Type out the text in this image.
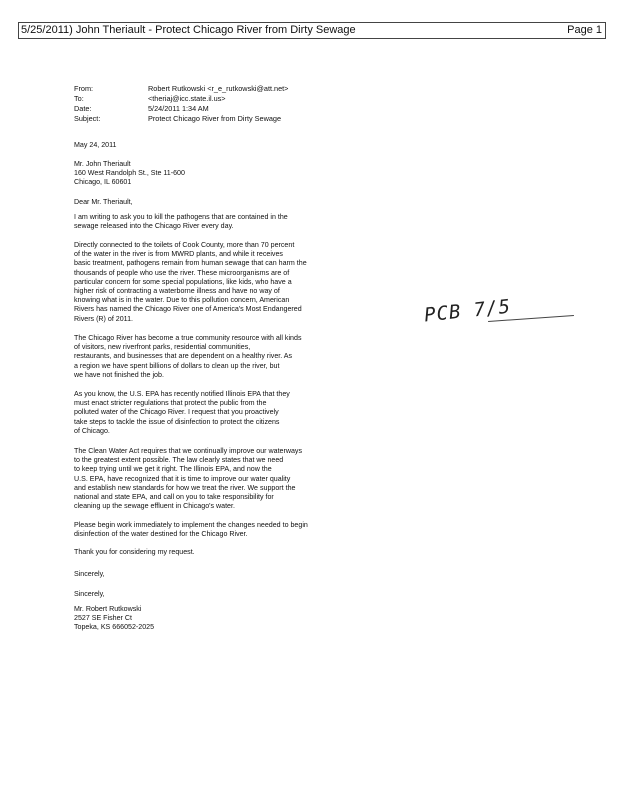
5/25/2011) John Theriault - Protect Chicago River from Dirty Sewage	Page 1
From:	Robert Rutkowski <r_e_rutkowski@att.net>
To:	<theriaj@icc.state.il.us>
Date:	5/24/2011 1:34 AM
Subject:	Protect Chicago River from Dirty Sewage

May 24, 2011

Mr. John Theriault

160 West Randolph St., Ste 11-600

Chicago, IL 60601

Dear Mr. Theriault,

I am writing to ask you to kill the pathogens that are contained in the

sewage released into the Chicago River every day.

Directly connected to the toilets of Cook County, more than 70 percent

of the water in the river is from MWRD plants, and while it receives

basic treatment, pathogens remain from human sewage that can harm the

thousands of people who use the river. These microorganisms are of

particular concern for some special populations, like kids, who have a

higher risk of contracting a waterborne illness and have no way of

knowing what is in the water. Due to this pollution concern, American

Rivers has named the Chicago River one of America's Most Endangered

Rivers (R) of 2011.

The Chicago River has become a true community resource with all kinds

of visitors, new riverfront parks, residential communities,

restaurants, and businesses that are dependent on a healthy river. As

a region we have spent billions of dollars to clean up the river, but

we have not finished the job.

As you know, the U.S. EPA has recently notified Illinois EPA that they

must enact stricter regulations that protect the public from the

polluted water of the Chicago River. I request that you proactively

take steps to tackle the issue of disinfection to protect the citizens

of Chicago.

The Clean Water Act requires that we continually improve our waterways

to the greatest extent possible. The law clearly states that we need

to keep trying until we get it right. The Illinois EPA, and now the

U.S. EPA, have recognized that it is time to improve our water quality

and establish new standards for how we treat the river. We support the

national and state EPA, and call on you to take responsibility for

cleaning up the sewage effluent in Chicago's water.

Please begin work immediately to implement the changes needed to begin

disinfection of the water destined for the Chicago River.

Thank you for considering my request.

Sincerely,

Sincerely,

Mr. Robert Rutkowski

2527 SE Fisher Ct

Topeka, KS 666052-2025

PCB 7/5
